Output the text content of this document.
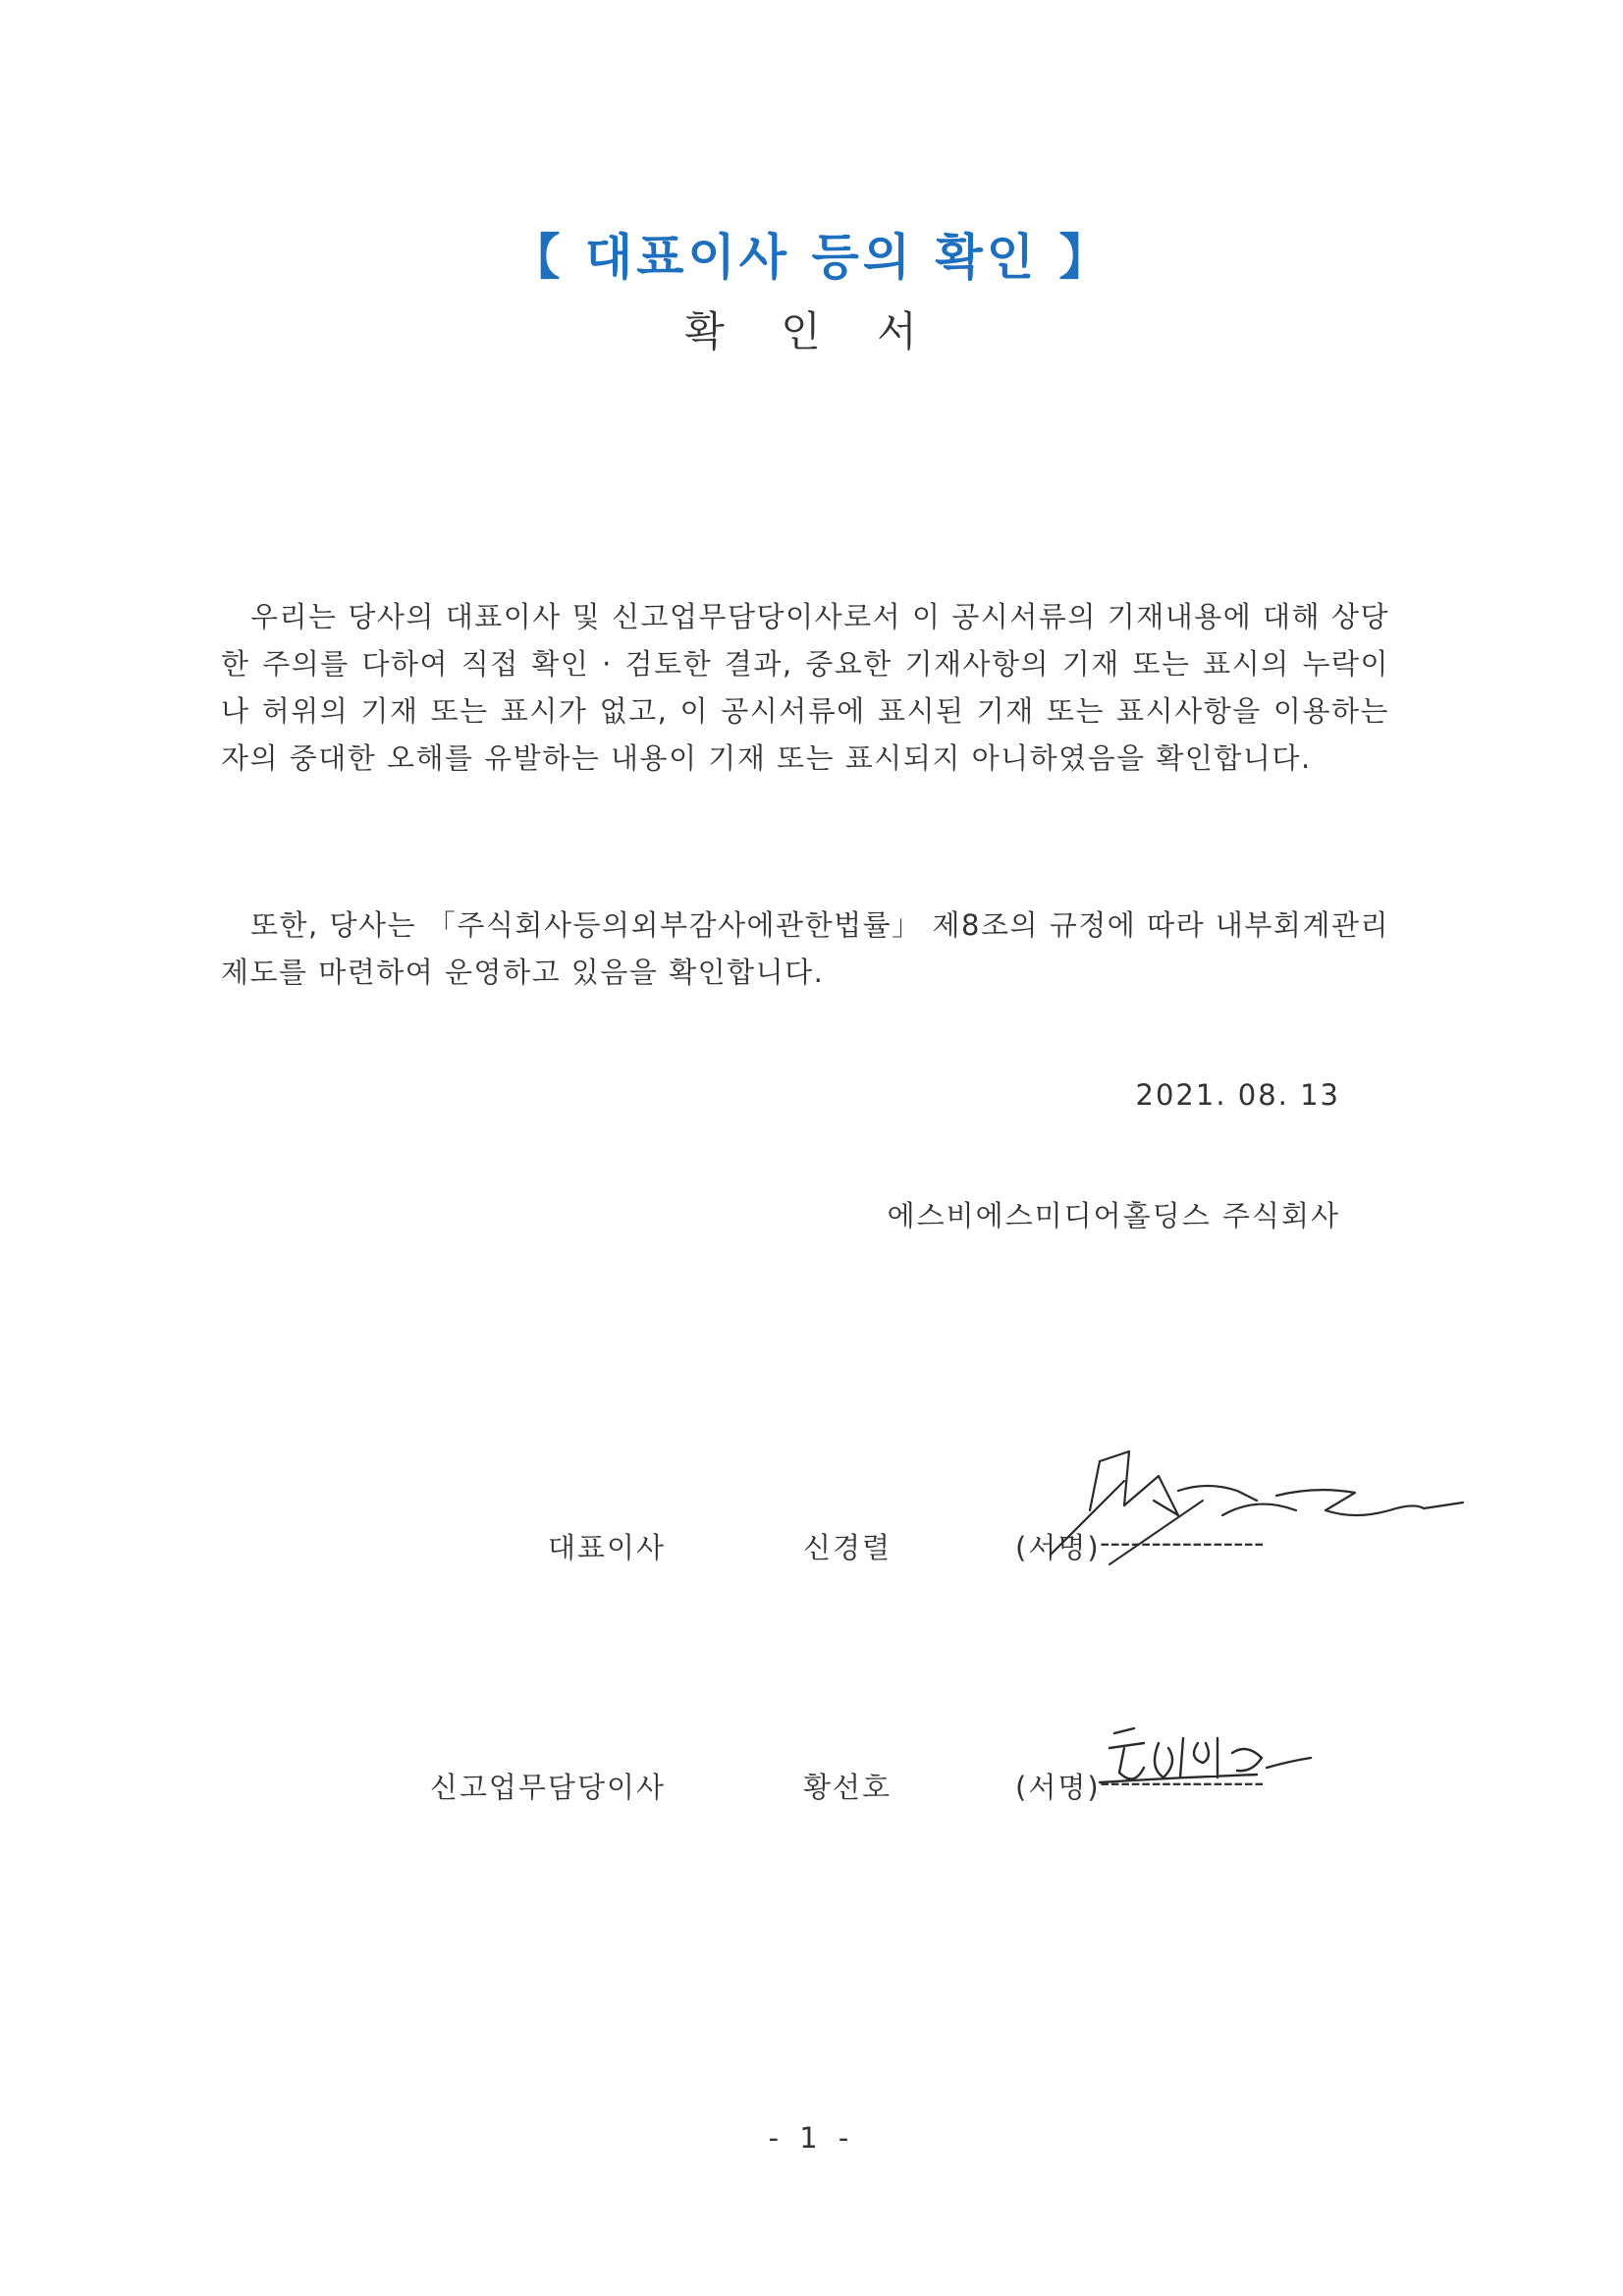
【 대표이사 등의 확인 】
확 인 서
우리는 당사의 대표이사 및 신고업무담당이사로서 이 공시서류의 기재내용에 대해 상당한 주의를 다하여 직접 확인 · 검토한 결과, 중요한 기재사항의 기재 또는 표시의 누락이나 허위의 기재 또는 표시가 없고, 이 공시서류에 표시된 기재 또는 표시사항을 이용하는 자의 중대한 오해를 유발하는 내용이 기재 또는 표시되지 아니하였음을 확인합니다.
또한, 당사는 「주식회사등의외부감사에관한법률」 제8조의 규정에 따라 내부회계관리제도를 마련하여 운영하고 있음을 확인합니다.
2021. 08. 13
에스비에스미디어홀딩스 주식회사
대표이사	신경렬	(서명) ----------------
신고업무담당이사	황선호	(서명) ----------------
- 1 -
